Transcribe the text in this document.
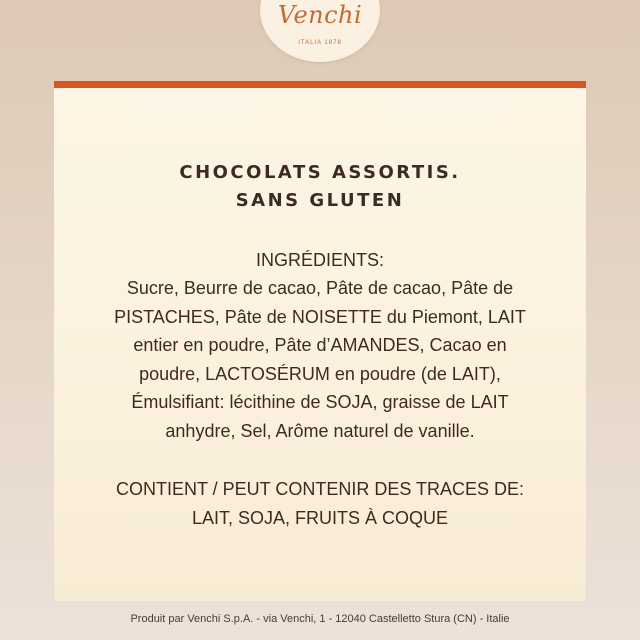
Venchi
ITALIA 1878
CHOCOLATS ASSORTIS.
SANS GLUTEN
INGRÉDIENTS:
Sucre, Beurre de cacao, Pâte de cacao, Pâte de
PISTACHES, Pâte de NOISETTE du Piemont, LAIT
entier en poudre, Pâte d’AMANDES, Cacao en
poudre, LACTOSÉRUM en poudre (de LAIT),
Émulsifiant: lécithine de SOJA, graisse de LAIT
anhydre, Sel, Arôme naturel de vanille.
CONTIENT / PEUT CONTENIR DES TRACES DE:
LAIT, SOJA, FRUITS À COQUE
Produit par Venchi S.p.A. - via Venchi, 1 - 12040 Castelletto Stura (CN) - Italie
